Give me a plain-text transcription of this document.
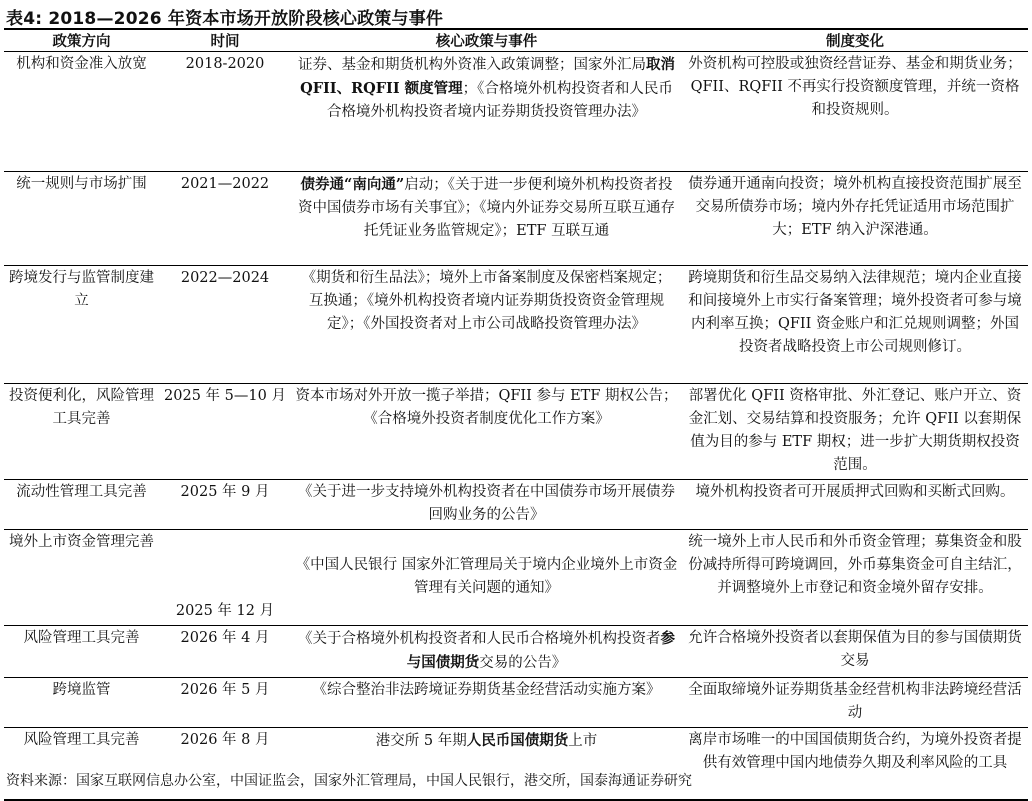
表4: 2018—2026 年资本市场开放阶段核心政策与事件
政策方向	时间	核心政策与事件	制度变化
机构和资金准入放宽	2018-2020	证券、基金和期货机构外资准入政策调整；国家外汇局取消 QFII、RQFII 额度管理；《合格境外机构投资者和人民币合格境外机构投资者境内证券期货投资管理办法》	外资机构可控股或独资经营证券、基金和期货业务；QFII、RQFII 不再实行投资额度管理，并统一资格和投资规则。
统一规则与市场扩围	2021—2022	债券通“南向通”启动；《关于进一步便利境外机构投资者投资中国债券市场有关事宜》；《境内外证券交易所互联互通存托凭证业务监管规定》；ETF 互联互通	债券通开通南向投资；境外机构直接投资范围扩展至交易所债券市场；境内外存托凭证适用市场范围扩大；ETF 纳入沪深港通。
跨境发行与监管制度建立	2022—2024	《期货和衍生品法》；境外上市备案制度及保密档案规定；互换通；《境外机构投资者境内证券期货投资资金管理规定》；《外国投资者对上市公司战略投资管理办法》	跨境期货和衍生品交易纳入法律规范；境内企业直接和间接境外上市实行备案管理；境外投资者可参与境内利率互换；QFII 资金账户和汇兑规则调整；外国投资者战略投资上市公司规则修订。
投资便利化，风险管理工具完善	2025 年 5—10 月	资本市场对外开放一揽子举措；QFII 参与 ETF 期权公告；《合格境外投资者制度优化工作方案》	部署优化 QFII 资格审批、外汇登记、账户开立、资金汇划、交易结算和投资服务；允许 QFII 以套期保值为目的参与 ETF 期权；进一步扩大期货期权投资范围。
流动性管理工具完善	2025 年 9 月	《关于进一步支持境外机构投资者在中国债券市场开展债券回购业务的公告》	境外机构投资者可开展质押式回购和买断式回购。
境外上市资金管理完善	2025 年 12 月	《中国人民银行 国家外汇管理局关于境内企业境外上市资金管理有关问题的通知》	统一境外上市人民币和外币资金管理；募集资金和股份减持所得可跨境调回，外币募集资金可自主结汇，并调整境外上市登记和资金境外留存安排。
风险管理工具完善	2026 年 4 月	《关于合格境外机构投资者和人民币合格境外机构投资者参与国债期货交易的公告》	允许合格境外投资者以套期保值为目的参与国债期货交易
跨境监管	2026 年 5 月	《综合整治非法跨境证券期货基金经营活动实施方案》	全面取缔境外证券期货基金经营机构非法跨境经营活动
风险管理工具完善	2026 年 8 月	港交所 5 年期人民币国债期货上市	离岸市场唯一的中国国债期货合约，为境外投资者提供有效管理中国内地债券久期及利率风险的工具
资料来源：国家互联网信息办公室，中国证监会，国家外汇管理局，中国人民银行，港交所，国泰海通证券研究
